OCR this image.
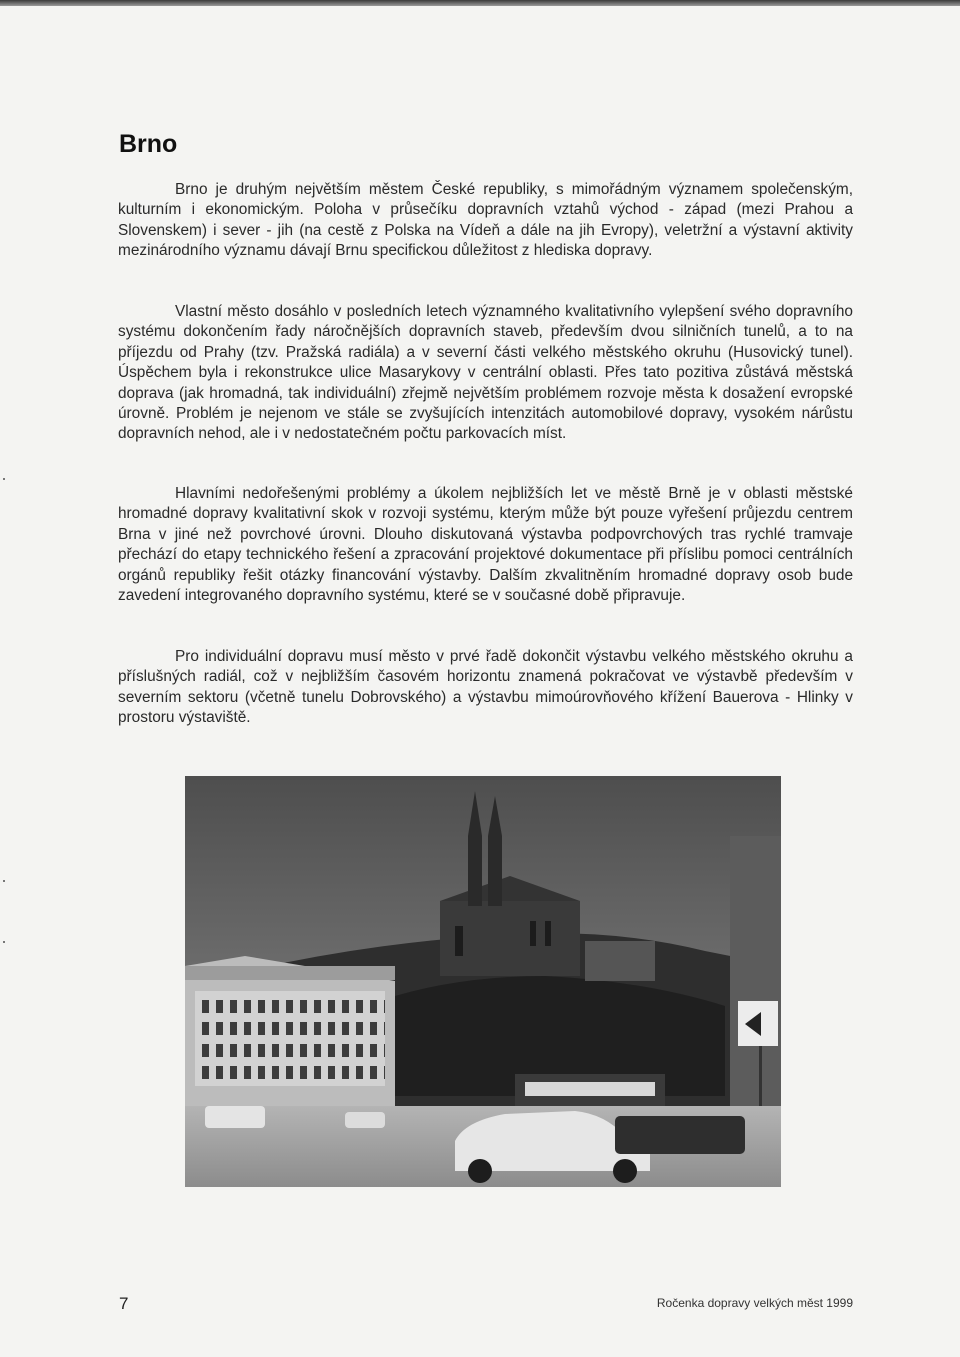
Brno

Brno je druhým největším městem České republiky, s mimořádným významem společenským, kulturním i ekonomickým. Poloha v průsečíku dopravních vztahů východ - západ (mezi Prahou a Slovenskem) i sever - jih (na cestě z Polska na Vídeň a dále na jih Evropy), veletržní a výstavní aktivity mezinárodního významu dávají Brnu specifickou důležitost z hlediska dopravy.

Vlastní město dosáhlo v posledních letech významného kvalitativního vylepšení svého dopravního systému dokončením řady náročnějších dopravních staveb, především dvou silničních tunelů, a to na příjezdu od Prahy (tzv. Pražská radiála) a v severní části velkého městského okruhu (Husovický tunel). Úspěchem byla i rekonstrukce ulice Masarykovy v centrální oblasti. Přes tato pozitiva zůstává městská doprava (jak hromadná, tak individuální) zřejmě největším problémem rozvoje města k dosažení evropské úrovně. Problém je nejenom ve stále se zvyšujících intenzitách automobilové dopravy, vysokém nárůstu dopravních nehod, ale i v nedostatečném počtu parkovacích míst.

Hlavními nedořešenými problémy a úkolem nejbližších let ve městě Brně je v oblasti městské hromadné dopravy kvalitativní skok v rozvoji systému, kterým může být pouze vyřešení průjezdu centrem Brna v jiné než povrchové úrovni. Dlouho diskutovaná výstavba podpovrchových tras rychlé tramvaje přechází do etapy technického řešení a zpracování projektové dokumentace při příslibu pomoci centrálních orgánů republiky řešit otázky financování výstavby. Dalším zkvalitněním hromadné dopravy osob bude zavedení integrovaného dopravního systému, které se v současné době připravuje.

Pro individuální dopravu musí město v prvé řadě dokončit výstavbu velkého městského okruhu a příslušných radiál, což v nejbližším časovém horizontu znamená pokračovat ve výstavbě především v severním sektoru (včetně tunelu Dobrovského) a výstavbu mimoúrovňového křížení Bauerova - Hlinky v prostoru výstaviště.

7	Ročenka dopravy velkých měst 1999
